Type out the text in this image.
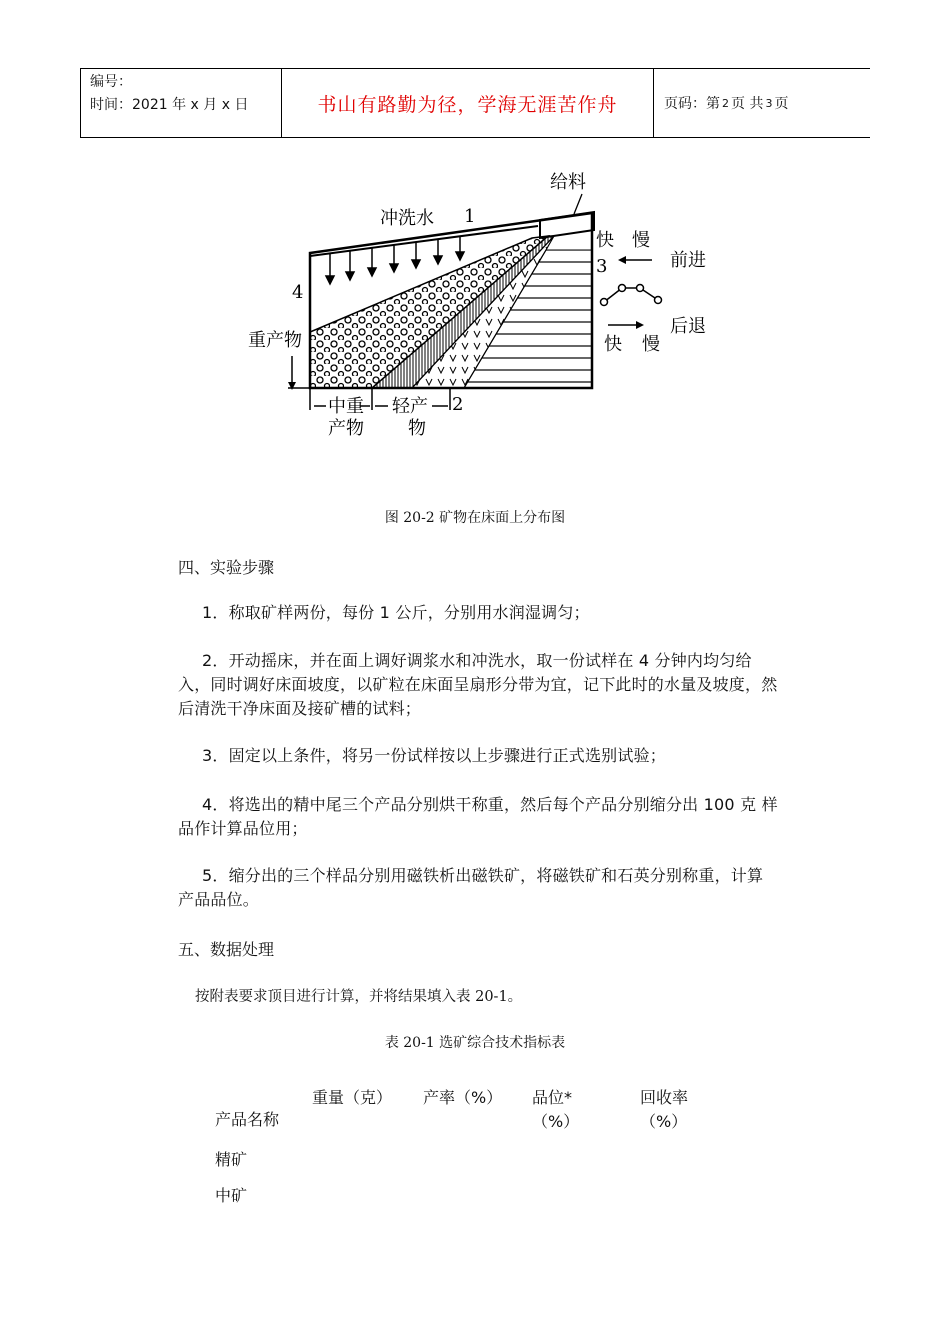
编号：
时间：2021 年 x 月 x 日	书山有路勤为径，学海无涯苦作舟	页码：第 2 页 共 3 页
给料
冲洗水 1
快 慢
前进
3
4
后退
快 慢
重产物
2
中重
产物
轻产
物
图 20-2 矿物在床面上分布图
四、实验步骤
1．称取矿样两份，每份 1 公斤，分别用水润湿调匀；
2．开动摇床，并在面上调好调浆水和冲洗水，取一份试样在 4 分钟内均匀给入，同时调好床面坡度，以矿粒在床面呈扇形分带为宜，记下此时的水量及坡度，然后清洗干净床面及接矿槽的试料；
3．固定以上条件，将另一份试样按以上步骤进行正式选别试验；
4．将选出的精中尾三个产品分别烘干称重，然后每个产品分别缩分出 100 克 样品作计算品位用；
5．缩分出的三个样品分别用磁铁析出磁铁矿，将磁铁矿和石英分别称重，计算产品品位。
五、数据处理
按附表要求顶目进行计算，并将结果填入表 20-1。
表 20-1 选矿综合技术指标表
重量（克） 产率（%） 品位*
（%）
回收率
（%）
产品名称
精矿
中矿
